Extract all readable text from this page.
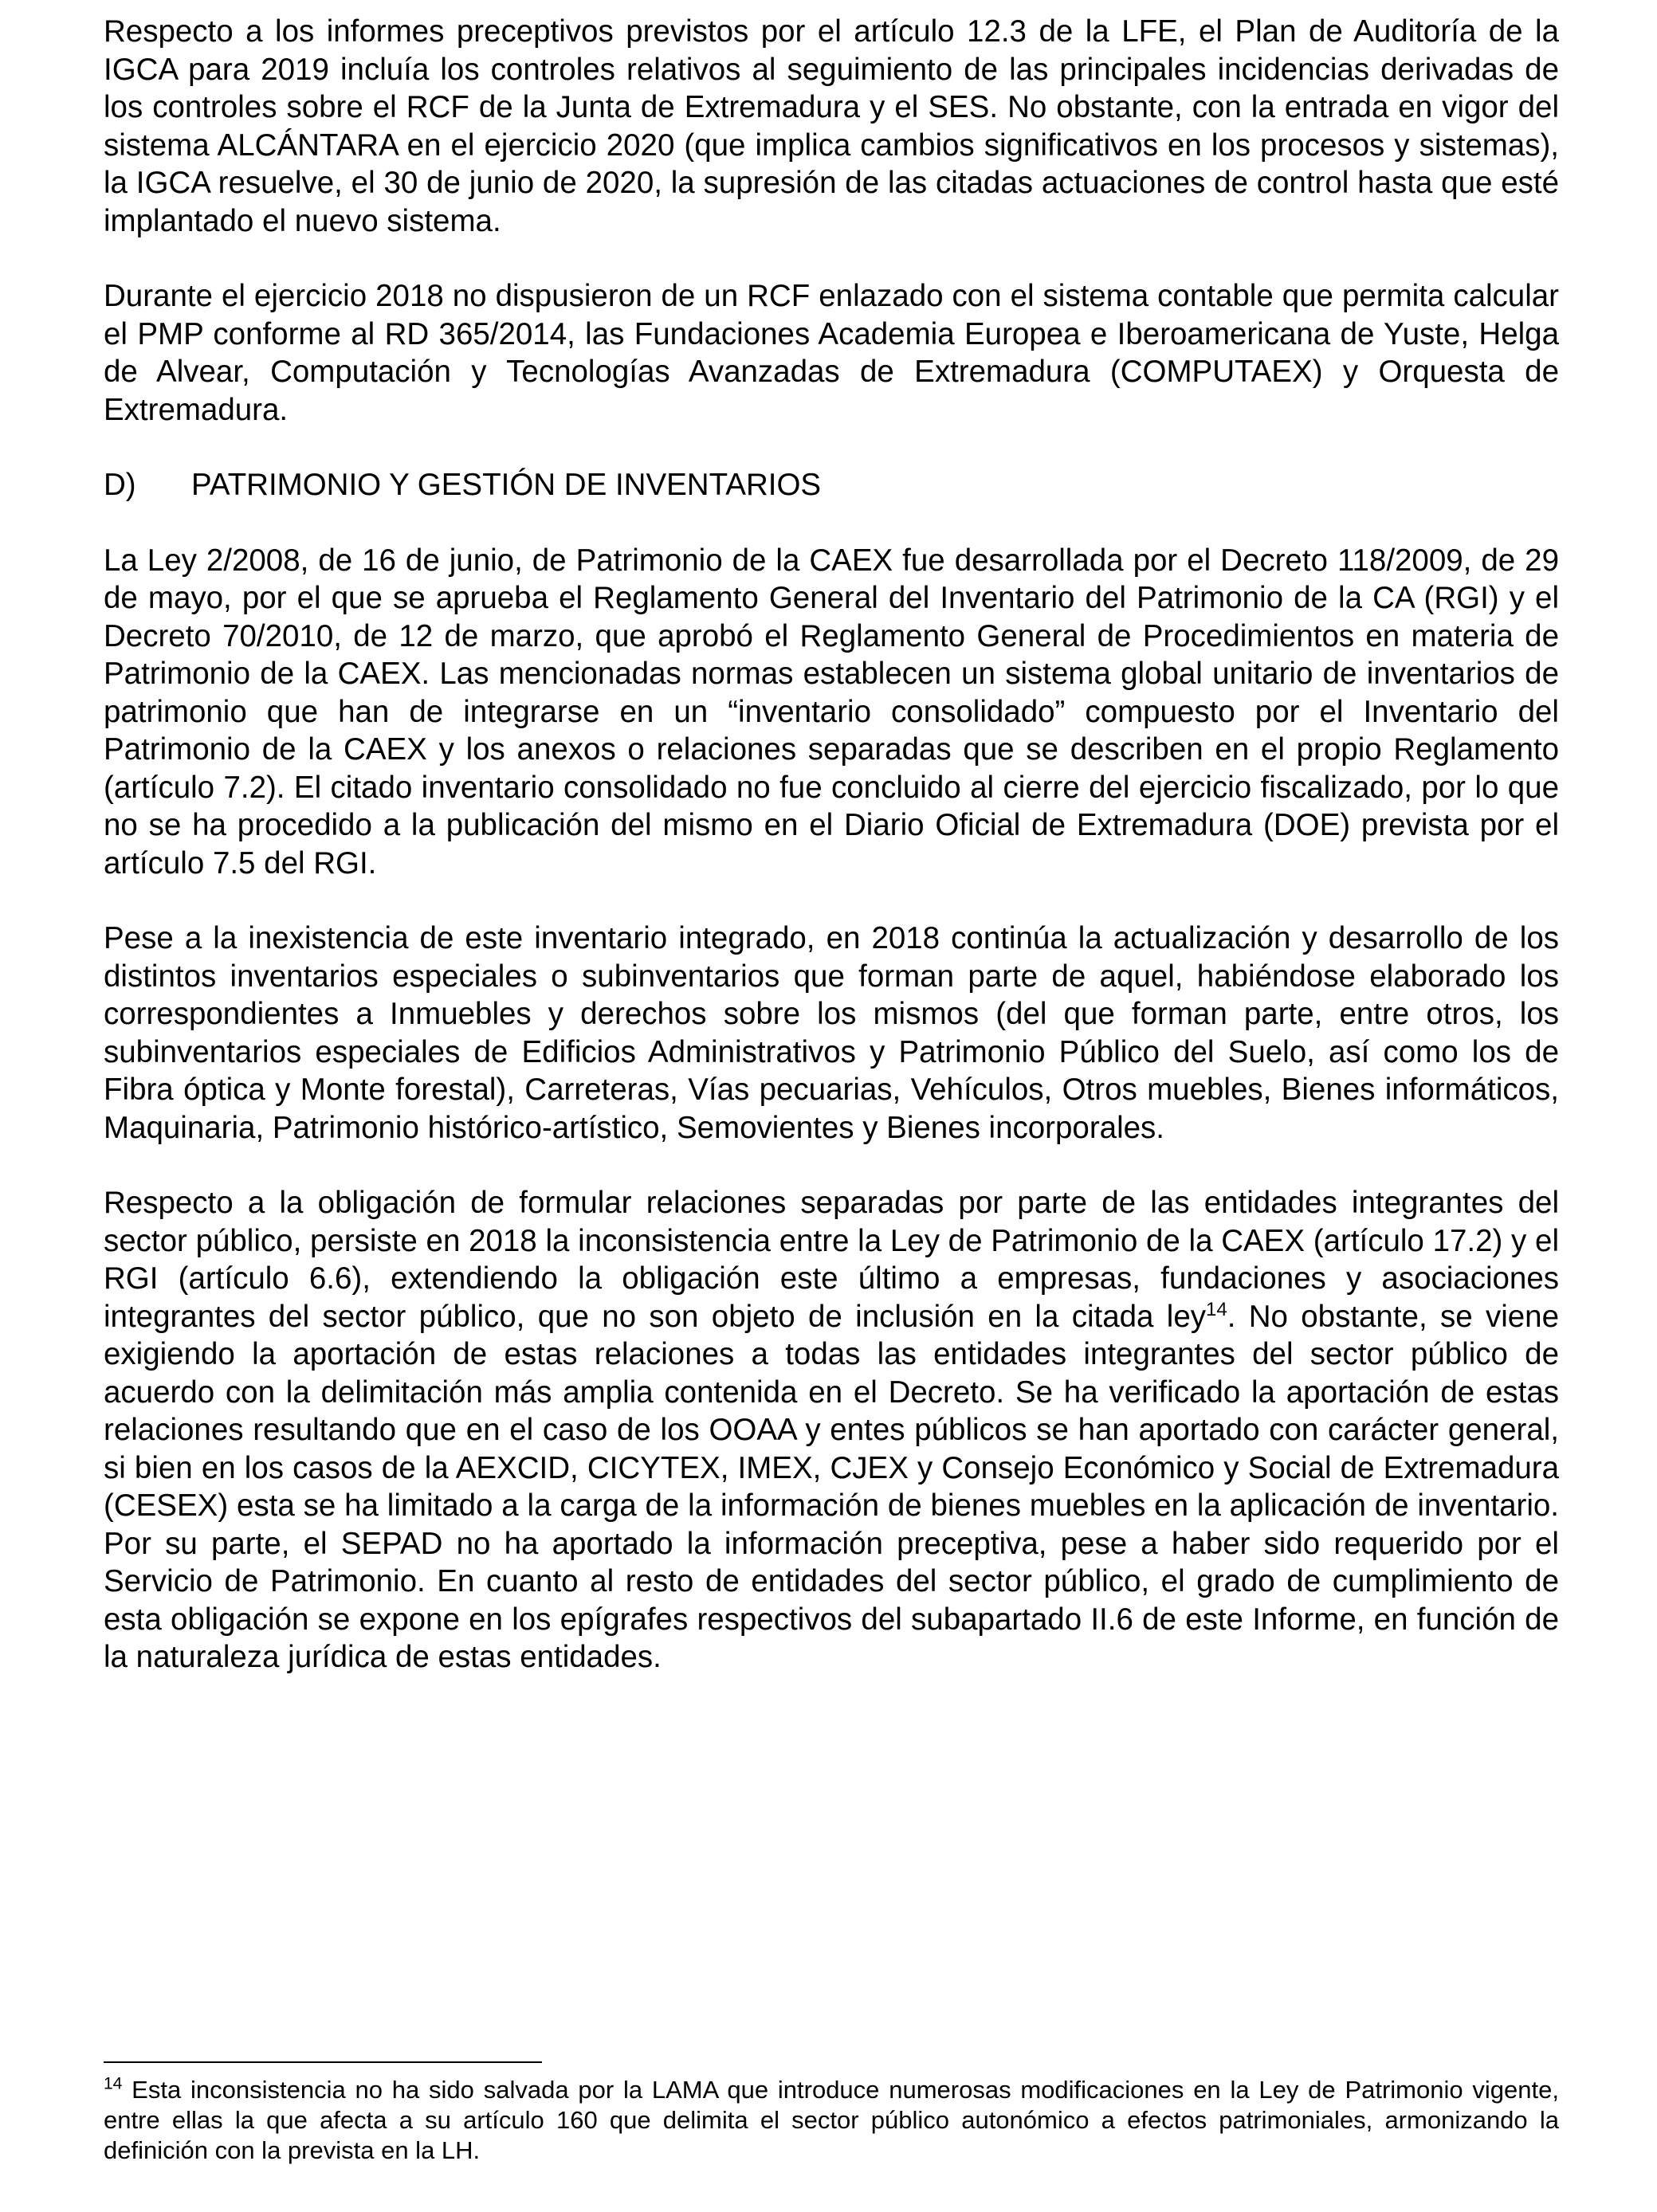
Respecto a los informes preceptivos previstos por el artículo 12.3 de la LFE, el Plan de Auditoría de la IGCA para 2019 incluía los controles relativos al seguimiento de las principales incidencias derivadas de los controles sobre el RCF de la Junta de Extremadura y el SES. No obstante, con la entrada en vigor del sistema ALCÁNTARA en el ejercicio 2020 (que implica cambios significativos en los procesos y sistemas), la IGCA resuelve, el 30 de junio de 2020, la supresión de las citadas actuaciones de control hasta que esté implantado el nuevo sistema.

Durante el ejercicio 2018 no dispusieron de un RCF enlazado con el sistema contable que permita calcular el PMP conforme al RD 365/2014, las Fundaciones Academia Europea e Iberoamericana de Yuste, Helga de Alvear, Computación y Tecnologías Avanzadas de Extremadura (COMPUTAEX) y Orquesta de Extremadura.

D)	PATRIMONIO Y GESTIÓN DE INVENTARIOS

La Ley 2/2008, de 16 de junio, de Patrimonio de la CAEX fue desarrollada por el Decreto 118/2009, de 29 de mayo, por el que se aprueba el Reglamento General del Inventario del Patrimonio de la CA (RGI) y el Decreto 70/2010, de 12 de marzo, que aprobó el Reglamento General de Procedimientos en materia de Patrimonio de la CAEX. Las mencionadas normas establecen un sistema global unitario de inventarios de patrimonio que han de integrarse en un “inventario consolidado” compuesto por el Inventario del Patrimonio de la CAEX y los anexos o relaciones separadas que se describen en el propio Reglamento (artículo 7.2). El citado inventario consolidado no fue concluido al cierre del ejercicio fiscalizado, por lo que no se ha procedido a la publicación del mismo en el Diario Oficial de Extremadura (DOE) prevista por el artículo 7.5 del RGI.

Pese a la inexistencia de este inventario integrado, en 2018 continúa la actualización y desarrollo de los distintos inventarios especiales o subinventarios que forman parte de aquel, habiéndose elaborado los correspondientes a Inmuebles y derechos sobre los mismos (del que forman parte, entre otros, los subinventarios especiales de Edificios Administrativos y Patrimonio Público del Suelo, así como los de Fibra óptica y Monte forestal), Carreteras, Vías pecuarias, Vehículos, Otros muebles, Bienes informáticos, Maquinaria, Patrimonio histórico-artístico, Semovientes y Bienes incorporales.

Respecto a la obligación de formular relaciones separadas por parte de las entidades integrantes del sector público, persiste en 2018 la inconsistencia entre la Ley de Patrimonio de la CAEX (artículo 17.2) y el RGI (artículo 6.6), extendiendo la obligación este último a empresas, fundaciones y asociaciones integrantes del sector público, que no son objeto de inclusión en la citada ley$^{14}$. No obstante, se viene exigiendo la aportación de estas relaciones a todas las entidades integrantes del sector público de acuerdo con la delimitación más amplia contenida en el Decreto. Se ha verificado la aportación de estas relaciones resultando que en el caso de los OOAA y entes públicos se han aportado con carácter general, si bien en los casos de la AEXCID, CICYTEX, IMEX, CJEX y Consejo Económico y Social de Extremadura (CESEX) esta se ha limitado a la carga de la información de bienes muebles en la aplicación de inventario. Por su parte, el SEPAD no ha aportado la información preceptiva, pese a haber sido requerido por el Servicio de Patrimonio. En cuanto al resto de entidades del sector público, el grado de cumplimiento de esta obligación se expone en los epígrafes respectivos del subapartado II.6 de este Informe, en función de la naturaleza jurídica de estas entidades.

$^{14}$ Esta inconsistencia no ha sido salvada por la LAMA que introduce numerosas modificaciones en la Ley de Patrimonio vigente, entre ellas la que afecta a su artículo 160 que delimita el sector público autonómico a efectos patrimoniales, armonizando la definición con la prevista en la LH.
